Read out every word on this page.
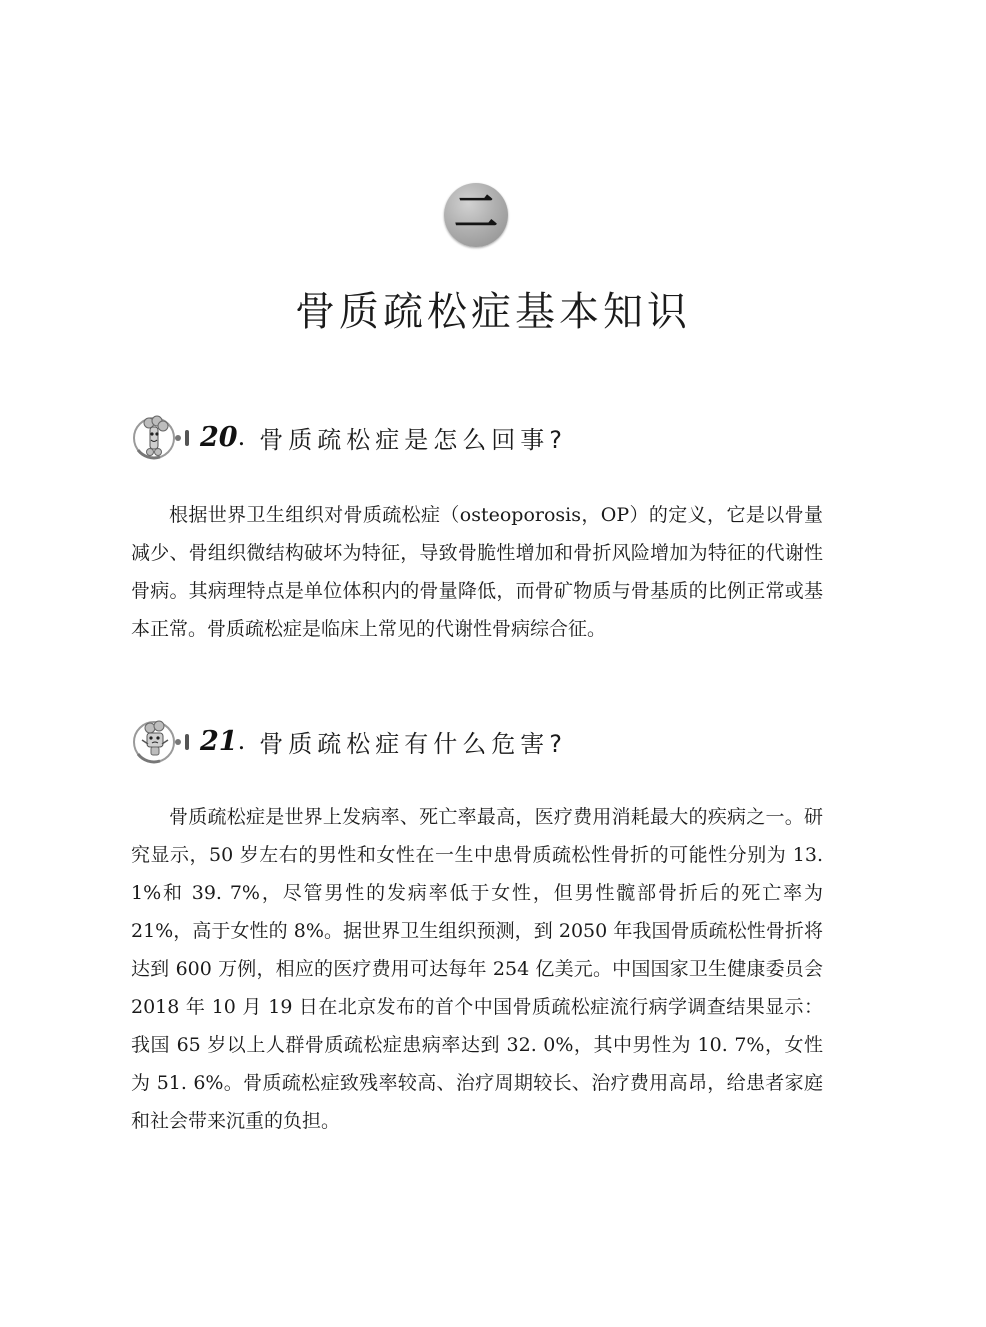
二
骨质疏松症基本知识
20 . 骨质疏松症是怎么回事?

根据世界卫生组织对骨质疏松症（osteoporosis，OP）的定义，它是以骨量减少、骨组织微结构破坏为特征，导致骨脆性增加和骨折风险增加为特征的代谢性骨病。其病理特点是单位体积内的骨量降低，而骨矿物质与骨基质的比例正常或基本正常。骨质疏松症是临床上常见的代谢性骨病综合征。

21 . 骨质疏松症有什么危害?

骨质疏松症是世界上发病率、死亡率最高，医疗费用消耗最大的疾病之一。研究显示，50 岁左右的男性和女性在一生中患骨质疏松性骨折的可能性分别为 13. 1%和 39. 7%，尽管男性的发病率低于女性，但男性髋部骨折后的死亡率为 21%，高于女性的 8%。据世界卫生组织预测，到 2050 年我国骨质疏松性骨折将达到 600 万例，相应的医疗费用可达每年 254 亿美元。中国国家卫生健康委员会 2018 年 10 月 19 日在北京发布的首个中国骨质疏松症流行病学调查结果显示：我国 65 岁以上人群骨质疏松症患病率达到 32. 0%，其中男性为 10. 7%，女性为 51. 6%。骨质疏松症致残率较高、治疗周期较长、治疗费用高昂，给患者家庭和社会带来沉重的负担。
